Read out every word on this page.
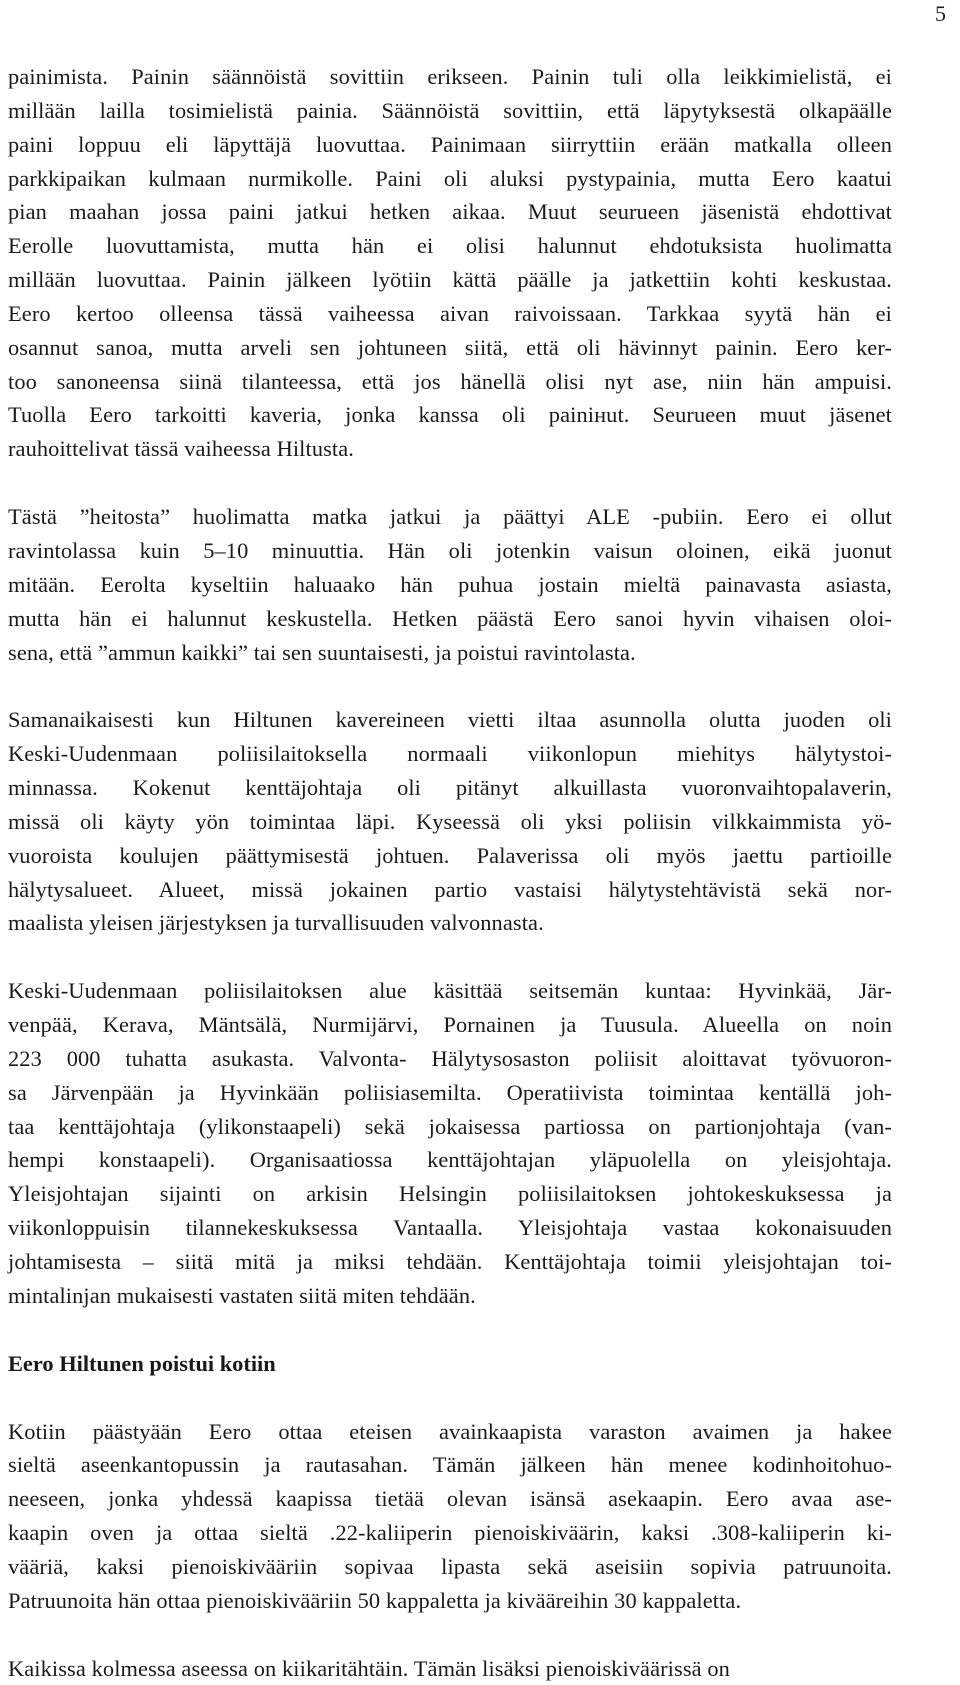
5

painimista. Painin säännöistä sovittiin erikseen. Painin tuli olla leikkimielistä, ei
millään lailla tosimielistä painia. Säännöistä sovittiin, että läpytyksestä olkapäälle
paini loppuu eli läpyttäjä luovuttaa. Painimaan siirryttiin erään matkalla olleen
parkkipaikan kulmaan nurmikolle. Paini oli aluksi pystypainia, mutta Eero kaatui
pian maahan jossa paini jatkui hetken aikaa. Muut seurueen jäsenistä ehdottivat
Eerolle luovuttamista, mutta hän ei olisi halunnut ehdotuksista huolimatta
millään luovuttaa. Painin jälkeen lyötiin kättä päälle ja jatkettiin kohti keskustaa.
Eero kertoo olleensa tässä vaiheessa aivan raivoissaan. Tarkkaa syytä hän ei
osannut sanoa, mutta arveli sen johtuneen siitä, että oli hävinnyt painin. Eero ker-
too sanoneensa siinä tilanteessa, että jos hänellä olisi nyt ase, niin hän ampuisi.
Tuolla Eero tarkoitti kaveria, jonka kanssa oli painінut. Seurueen muut jäsenet
rauhoittelivat tässä vaiheessa Hiltusta.

Tästä ”heitosta” huolimatta matka jatkui ja päättyi ALE -pubiin. Eero ei ollut
ravintolassa kuin 5–10 minuuttia. Hän oli jotenkin vaisun oloinen, eikä juonut
mitään. Eerolta kyseltiin haluaako hän puhua jostain mieltä painavasta asiasta,
mutta hän ei halunnut keskustella. Hetken päästä Eero sanoi hyvin vihaisen oloi-
sena, että ”ammun kaikki” tai sen suuntaisesti, ja poistui ravintolasta.

Samanaikaisesti kun Hiltunen kavereineen vietti iltaa asunnolla olutta juoden oli
Keski-Uudenmaan poliisilaitoksella normaali viikonlopun miehitys hälytystoi-
minnassa. Kokenut kenttäjohtaja oli pitänyt alkuillasta vuoronvaihtopalaverin,
missä oli käyty yön toimintaa läpi. Kyseessä oli yksi poliisin vilkkaimmista yö-
vuoroista koulujen päättymisestä johtuen. Palaverissa oli myös jaettu partioille
hälytysalueet. Alueet, missä jokainen partio vastaisi hälytystehtävistä sekä nor-
maalista yleisen järjestyksen ja turvallisuuden valvonnasta.

Keski-Uudenmaan poliisilaitoksen alue käsittää seitsemän kuntaa: Hyvinkää, Jär-
venpää, Kerava, Mäntsälä, Nurmijärvi, Pornainen ja Tuusula. Alueella on noin
223 000 tuhatta asukasta. Valvonta- Hälytysosaston poliisit aloittavat työvuoron-
sa Järvenpään ja Hyvinkään poliisiasemilta. Operatiivista toimintaa kentällä joh-
taa kenttäjohtaja (ylikonstaapeli) sekä jokaisessa partiossa on partionjohtaja (van-
hempi konstaapeli). Organisaatiossa kenttäjohtajan yläpuolella on yleisjohtaja.
Yleisjohtajan sijainti on arkisin Helsingin poliisilaitoksen johtokeskuksessa ja
viikonloppuisin tilannekeskuksessa Vantaalla. Yleisjohtaja vastaa kokonaisuuden
johtamisesta – siitä mitä ja miksi tehdään. Kenttäjohtaja toimii yleisjohtajan toi-
mintalinjan mukaisesti vastaten siitä miten tehdään.

Eero Hiltunen poistui kotiin

Kotiin päästyään Eero ottaa eteisen avainkaapista varaston avaimen ja hakee
sieltä aseenkantopussin ja rautasahan. Tämän jälkeen hän menee kodinhoitohuo-
neeseen, jonka yhdessä kaapissa tietää olevan isänsä asekaapin. Eero avaa ase-
kaapin oven ja ottaa sieltä .22-kaliiperin pienoiskiväärin, kaksi .308-kaliiperin ki-
vääriä, kaksi pienoiskivääriin sopivaa lipasta sekä aseisiin sopivia patruunoita.
Patruunoita hän ottaa pienoiskivääriin 50 kappaletta ja kivääreihin 30 kappaletta.

Kaikissa kolmessa aseessa on kiikaritähtäin. Tämän lisäksi pienoiskiväärissä on
